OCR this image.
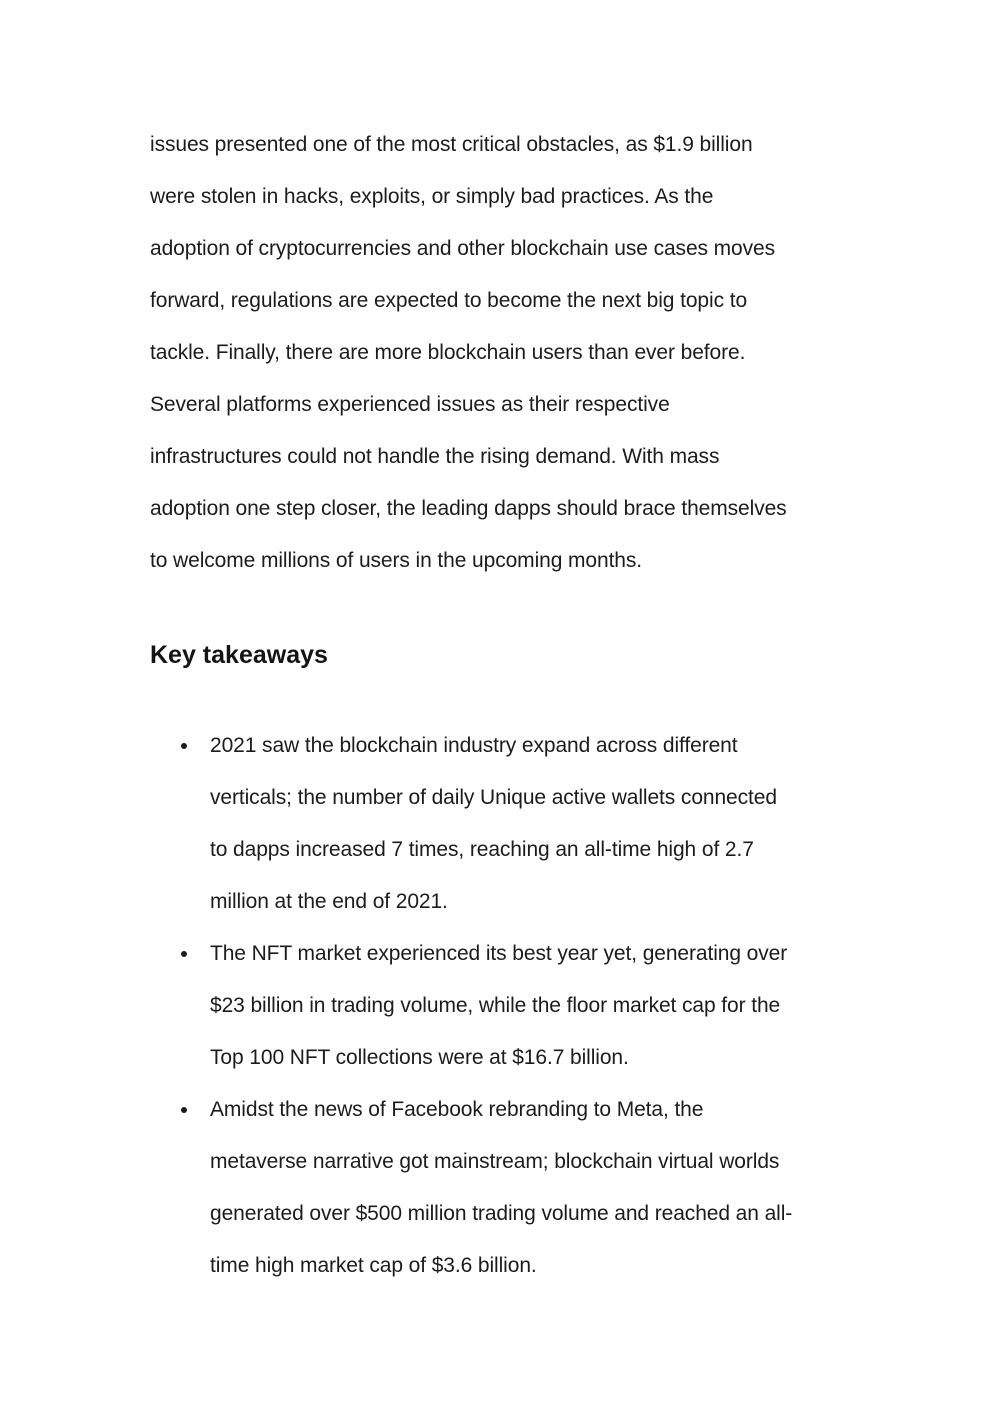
issues presented one of the most critical obstacles, as $1.9 billion
were stolen in hacks, exploits, or simply bad practices. As the
adoption of cryptocurrencies and other blockchain use cases moves
forward, regulations are expected to become the next big topic to
tackle. Finally, there are more blockchain users than ever before.
Several platforms experienced issues as their respective
infrastructures could not handle the rising demand. With mass
adoption one step closer, the leading dapps should brace themselves
to welcome millions of users in the upcoming months.

Key takeaways
2021 saw the blockchain industry expand across different
verticals; the number of daily Unique active wallets connected
to dapps increased 7 times, reaching an all-time high of 2.7
million at the end of 2021.
The NFT market experienced its best year yet, generating over
$23 billion in trading volume, while the floor market cap for the
Top 100 NFT collections were at $16.7 billion.
Amidst the news of Facebook rebranding to Meta, the
metaverse narrative got mainstream; blockchain virtual worlds
generated over $500 million trading volume and reached an all-
time high market cap of $3.6 billion.
